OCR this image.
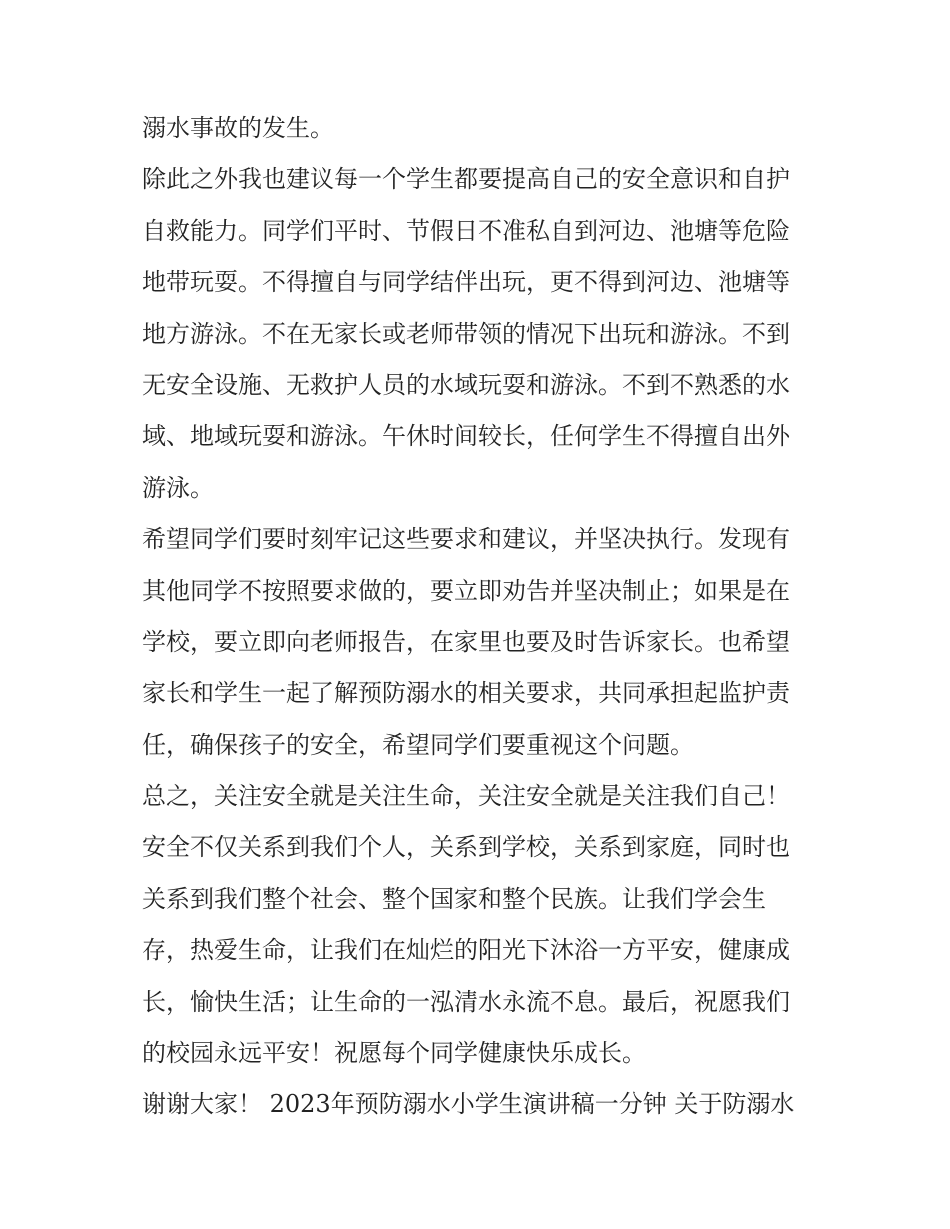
溺水事故的发生。
除此之外我也建议每一个学生都要提高自己的安全意识和自护
自救能力。同学们平时、节假日不准私自到河边、池塘等危险
地带玩耍。不得擅自与同学结伴出玩，更不得到河边、池塘等
地方游泳。不在无家长或老师带领的情况下出玩和游泳。不到
无安全设施、无救护人员的水域玩耍和游泳。不到不熟悉的水
域、地域玩耍和游泳。午休时间较长，任何学生不得擅自出外
游泳。
希望同学们要时刻牢记这些要求和建议，并坚决执行。发现有
其他同学不按照要求做的，要立即劝告并坚决制止；如果是在
学校，要立即向老师报告，在家里也要及时告诉家长。也希望
家长和学生一起了解预防溺水的相关要求，共同承担起监护责
任，确保孩子的安全，希望同学们要重视这个问题。
总之，关注安全就是关注生命，关注安全就是关注我们自己！
安全不仅关系到我们个人，关系到学校，关系到家庭，同时也
关系到我们整个社会、整个国家和整个民族。让我们学会生
存，热爱生命，让我们在灿烂的阳光下沐浴一方平安，健康成
长，愉快生活；让生命的一泓清水永流不息。最后，祝愿我们
的校园永远平安！祝愿每个同学健康快乐成长。
谢谢大家！ 2023年预防溺水小学生演讲稿一分钟 关于防溺水
